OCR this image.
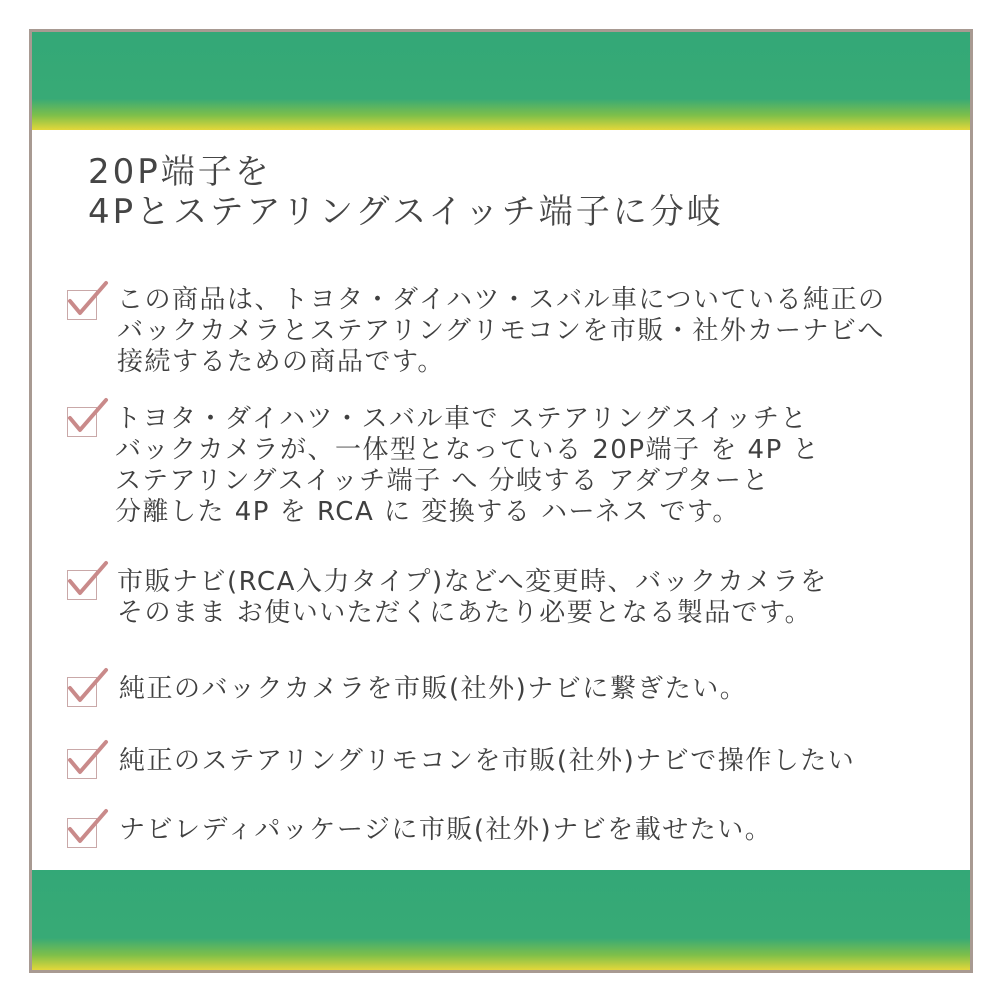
20P端子を
4Pとステアリングスイッチ端子に分岐
この商品は、トヨタ・ダイハツ・スバル車についている純正の
バックカメラとステアリングリモコンを市販・社外カーナビへ
接続するための商品です。
トヨタ・ダイハツ・スバル車で ステアリングスイッチと
バックカメラが、一体型となっている 20P端子 を 4P と
ステアリングスイッチ端子 へ 分岐する アダプターと
分離した 4P を RCA に 変換する ハーネス です。
市販ナビ(RCA入力タイプ)などへ変更時、バックカメラを
そのまま お使いいただくにあたり必要となる製品です。
純正のバックカメラを市販(社外)ナビに繋ぎたい。
純正のステアリングリモコンを市販(社外)ナビで操作したい
ナビレディパッケージに市販(社外)ナビを載せたい。
